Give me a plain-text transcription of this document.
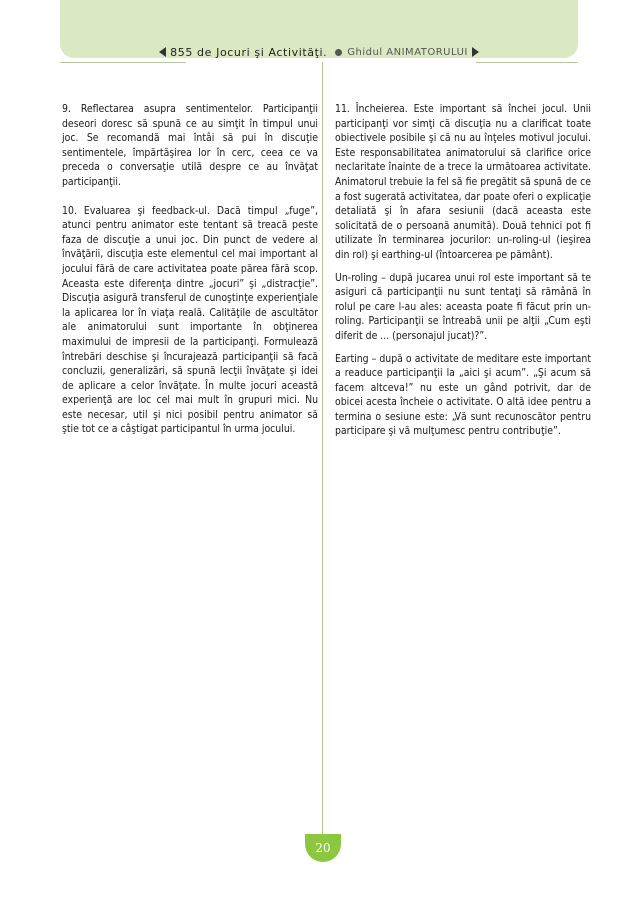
855 de Jocuri şi Activităţi. Ghidul ANIMATORULUI

9. Reflectarea asupra sentimentelor. Participanţii deseori doresc să spună ce au simţit în timpul unui joc. Se recomandă mai întâi să pui în discuţie sentimentele, împărtăşirea lor în cerc, ceea ce va preceda o conversaţie utilă despre ce au învăţat participanţii.

10. Evaluarea şi feedback-ul. Dacă timpul „fuge”, atunci pentru animator este tentant să treacă peste faza de discuţie a unui joc. Din punct de vedere al învăţării, discuţia este elementul cel mai important al jocului fără de care activitatea poate părea fără scop. Aceasta este diferenţa dintre „jocuri” şi „distracţie”. Discuţia asigură transferul de cunoştinţe experienţiale la aplicarea lor în viaţa reală. Calităţile de ascultător ale animatorului sunt importante în obţinerea maximului de impresii de la participanţi. Formulează întrebări deschise şi încurajează participanţii să facă concluzii, generalizări, să spună lecţii învăţate şi idei de aplicare a celor învăţate. În multe jocuri această experienţă are loc cel mai mult în grupuri mici. Nu este necesar, util şi nici posibil pentru animator să ştie tot ce a câştigat participantul în urma jocului.

11. Încheierea. Este important să închei jocul. Unii participanţi vor simţi că discuţia nu a clarificat toate obiectivele posibile şi că nu au înţeles motivul jocului. Este responsabilitatea animatorului să clarifice orice neclaritate înainte de a trece la următoarea activitate. Animatorul trebuie la fel să fie pregătit să spună de ce a fost sugerată activitatea, dar poate oferi o explicaţie detaliată şi în afara sesiunii (dacă aceasta este solicitată de o persoană anumită). Două tehnici pot fi utilizate în terminarea jocurilor: un-roling-ul (ieşirea din rol) şi earthing-ul (întoarcerea pe pământ).

Un-roling – după jucarea unui rol este important să te asiguri că participanţii nu sunt tentaţi să rămână în rolul pe care l-au ales: aceasta poate fi făcut prin un-roling. Participanţii se întreabă unii pe alţii „Cum eşti diferit de ... (personajul jucat)?”.

Earting – după o activitate de meditare este important a readuce participanţii la „aici şi acum”. „Şi acum să facem altceva!” nu este un gând potrivit, dar de obicei acesta încheie o activitate. O altă idee pentru a termina o sesiune este: „Vă sunt recunoscător pentru participare şi vă mulţumesc pentru contribuţie”.

20
